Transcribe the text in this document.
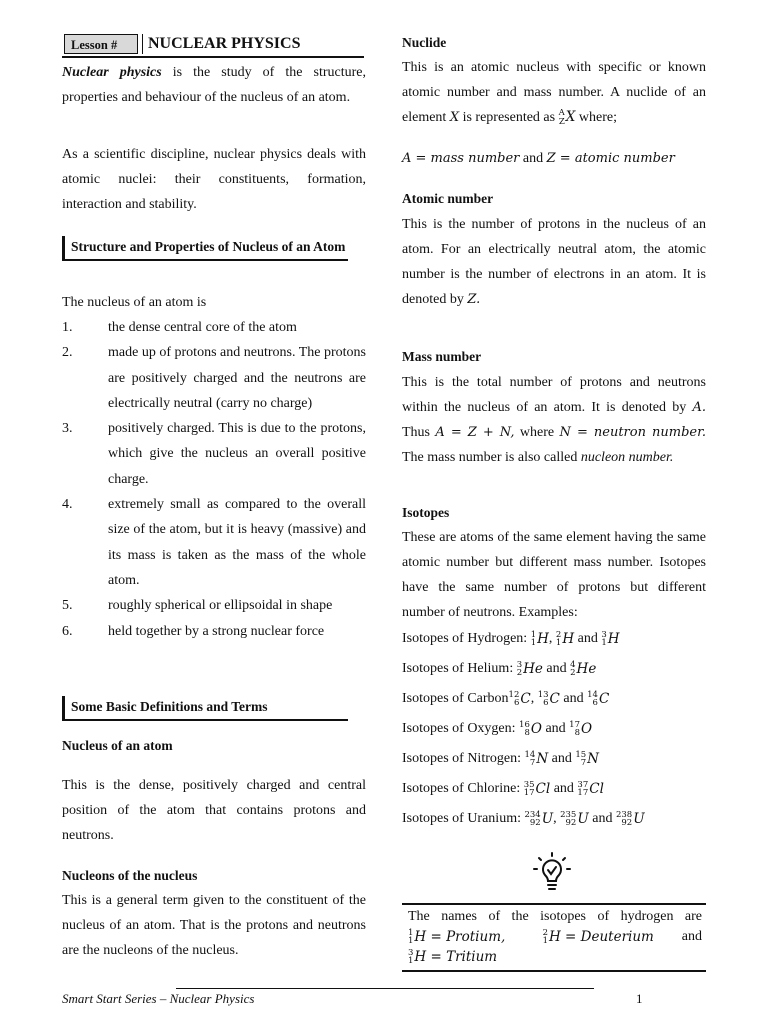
Lesson #	NUCLEAR PHYSICS

Nuclear physics is the study of the structure, properties and behaviour of the nucleus of an atom.

As a scientific discipline, nuclear physics deals with atomic nuclei: their constituents, formation, interaction and stability.

Structure and Properties of Nucleus of an Atom

The nucleus of an atom is

1.	the dense central core of the atom
2.	made up of protons and neutrons. The protons are positively charged and the neutrons are electrically neutral (carry no charge)
3.	positively charged. This is due to the protons, which give the nucleus an overall positive charge.
4.	extremely small as compared to the overall size of the atom, but it is heavy (massive) and its mass is taken as the mass of the whole atom.
5.	roughly spherical or ellipsoidal in shape
6.	held together by a strong nuclear force
Some Basic Definitions and Terms

Nucleus of an atom

This is the dense, positively charged and central position of the atom that contains protons and neutrons.

Nucleons of the nucleus

This is a general term given to the constituent of the nucleus of an atom. That is the protons and neutrons are the nucleons of the nucleus.

Nuclide

This is an atomic nucleus with specific or known atomic number and mass number. A nuclide of an element X is represented as A
Z X where;

A = mass number and Z = atomic number

Atomic number

This is the number of protons in the nucleus of an atom. For an electrically neutral atom, the atomic number is the number of electrons in an atom. It is denoted by Z.

Mass number

This is the total number of protons and neutrons within the nucleus of an atom. It is denoted by A. Thus A = Z + N, where N = neutron number. The mass number is also called nucleon number.

Isotopes

These are atoms of the same element having the same atomic number but different mass number. Isotopes have the same number of protons but different number of neutrons. Examples:

Isotopes of Hydrogen: 1
1 H , 2
1 H and 3
1 H
Isotopes of Helium: 3
2 He and 4
2 He
Isotopes of Carbon 12
6 C , 13
6 C and 14
6 C
Isotopes of Oxygen: 16
8 O and 17
8 O
Isotopes of Nitrogen: 14
7 N and 15
7 N
Isotopes of Chlorine: 35
17 Cl and 37
17 Cl
Isotopes of Uranium: 234
92 U , 235
92 U and 238
92 U

The names of the isotopes of hydrogen are
1
1 H = Protium,
	2
1 H = Deuterium and
3
1 H = Tritium

Smart Start Series – Nuclear Physics	1
